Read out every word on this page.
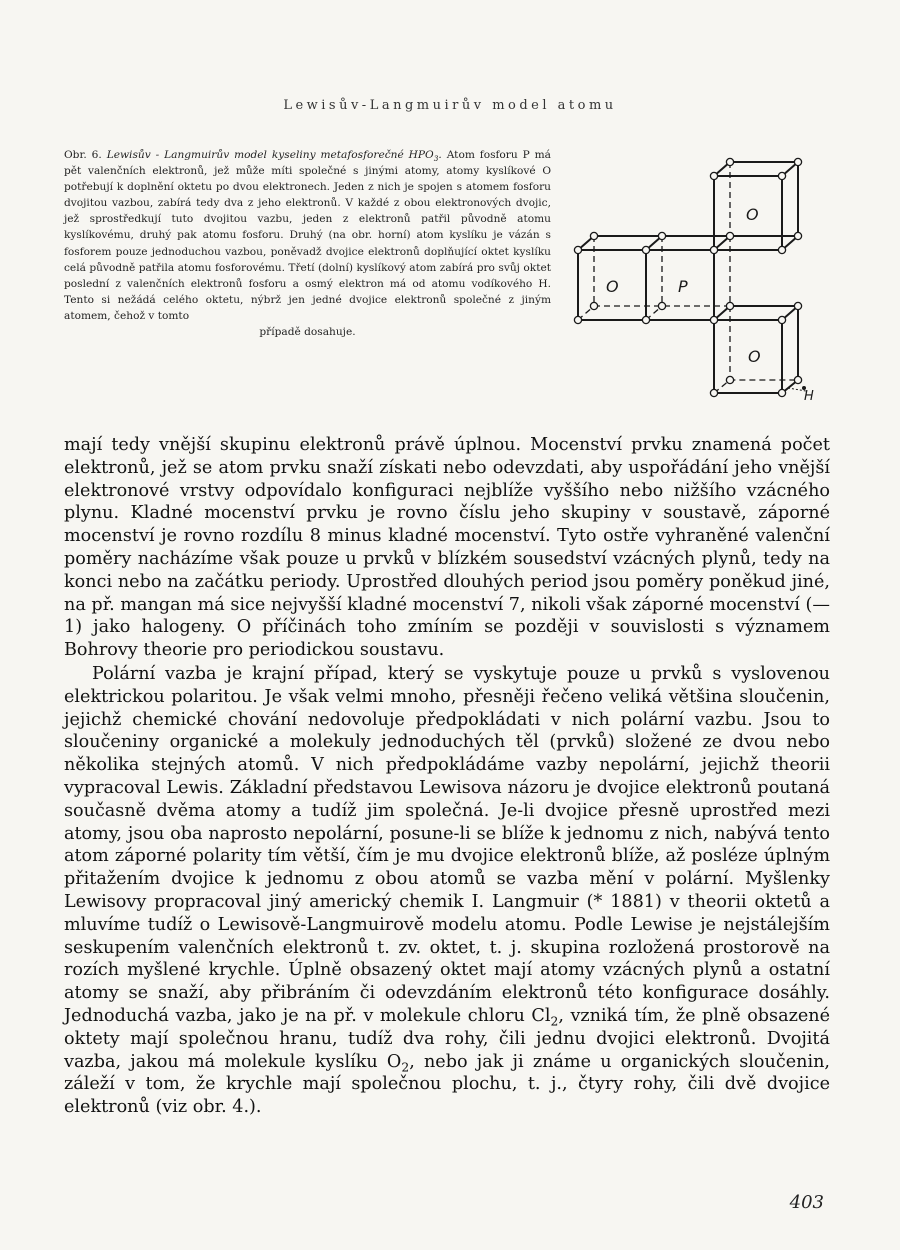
Lewisův-Langmuirův model atomu
Obr. 6. Lewisův - Langmuirův model kyseliny metafosforečné $HPO_3$. Atom fosforu P má pět valenčních elektronů, jež může míti společné s jinými atomy, atomy kyslíkové O potřebují k doplnění oktetu po dvou elektronech. Jeden z nich je spojen s atomem fosforu dvojitou vazbou, zabírá tedy dva z jeho elektronů. V každé z obou elektronových dvojic, jež sprostředkují tuto dvojitou vazbu, jeden z elektronů patřil původně atomu kyslíkovému, druhý pak atomu fosforu. Druhý (na obr. horní) atom kyslíku je vázán s fosforem pouze jednoduchou vazbou, poněvadž dvojice elektronů doplňující oktet kyslíku celá původně patřila atomu fosforovému. Třetí (dolní) kyslíkový atom zabírá pro svůj oktet poslední z valenčních elektronů fosforu a osmý elektron má od atomu vodíkového H. Tento si nežádá celého oktetu, nýbrž jen jedné dvojice elektronů společné z jiným atomem, čehož v tomto
případě dosahuje.
O
O	P
O
H

mají tedy vnější skupinu elektronů právě úplnou. Mocenství prvku znamená počet elektronů, jež se atom prvku snaží získati nebo odevzdati, aby uspořádání jeho vnější elektronové vrstvy odpovídalo konfiguraci nejblíže vyššího nebo nižšího vzácného plynu. Kladné mocenství prvku je rovno číslu jeho skupiny v soustavě, záporné mocenství je rovno rozdílu 8 minus kladné mocenství. Tyto ostře vyhraněné valenční poměry nacházíme však pouze u prvků v blízkém sousedství vzácných plynů, tedy na konci nebo na začátku periody. Uprostřed dlouhých period jsou poměry poněkud jiné, na př. mangan má sice nejvyšší kladné mocenství 7, nikoli však záporné mocenství (—1) jako halogeny. O příčinách toho zmíním se později v souvislosti s významem Bohrovy theorie pro periodickou soustavu.

Polární vazba je krajní případ, který se vyskytuje pouze u prvků s vyslovenou elektrickou polaritou. Je však velmi mnoho, přesněji řečeno veliká většina sloučenin, jejichž chemické chování nedovoluje předpokládati v nich polární vazbu. Jsou to sloučeniny organické a molekuly jednoduchých těl (prvků) složené ze dvou nebo několika stejných atomů. V nich předpokládáme vazby nepolární, jejichž theorii vypracoval Lewis. Základní představou Lewisova názoru je dvojice elektronů poutaná současně dvěma atomy a tudíž jim společná. Je-li dvojice přesně uprostřed mezi atomy, jsou oba naprosto nepolární, posune-li se blíže k jednomu z nich, nabývá tento atom záporné polarity tím větší, čím je mu dvojice elektronů blíže, až posléze úplným přitažením dvojice k jednomu z obou atomů se vazba mění v polární. Myšlenky Lewisovy propracoval jiný americký chemik I. Langmuir (* 1881) v theorii oktetů a mluvíme tudíž o Lewisově-Langmuirově modelu atomu. Podle Lewise je nejstálejším seskupením valenčních elektronů t. zv. oktet, t. j. skupina rozložená prostorově na rozích myšlené krychle. Úplně obsazený oktet mají atomy vzácných plynů a ostatní atomy se snaží, aby přibráním či odevzdáním elektronů této konfigurace dosáhly. Jednoduchá vazba, jako je na př. v molekule chloru $Cl_2$, vzniká tím, že plně obsazené oktety mají společnou hranu, tudíž dva rohy, čili jednu dvojici elektronů. Dvojitá vazba, jakou má molekule kyslíku $O_2$, nebo jak ji známe u organických sloučenin, záleží v tom, že krychle mají společnou plochu, t. j., čtyry rohy, čili dvě dvojice elektronů (viz obr. 4.).

403
